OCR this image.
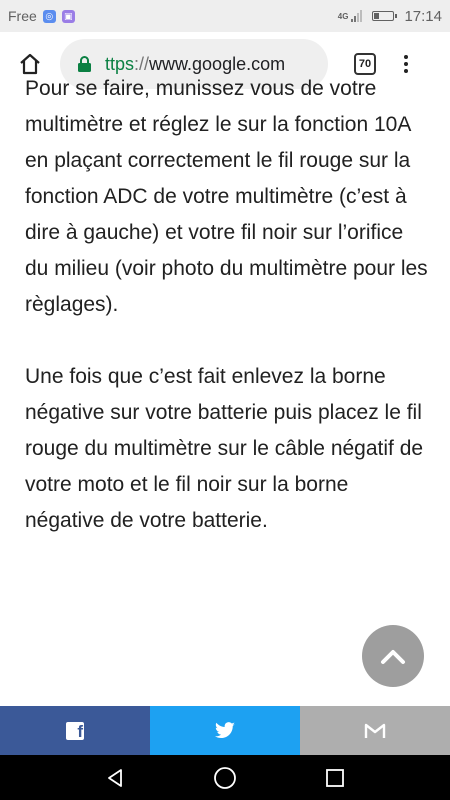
Free ◎ ▣	4G	17:14
ttps://www.google.com	70

Pour se faire, munissez vous de votre multimètre et réglez le sur la fonction 10A en plaçant correctement le fil rouge sur la fonction ADC de votre multimètre (c’est à dire à gauche) et votre fil noir sur l’orifice du milieu (voir photo du multimètre pour les règlages).

Une fois que c’est fait enlevez la borne négative sur votre batterie puis placez le fil rouge du multimètre sur le câble négatif de votre moto et le fil noir sur la borne négative de votre batterie.

f
